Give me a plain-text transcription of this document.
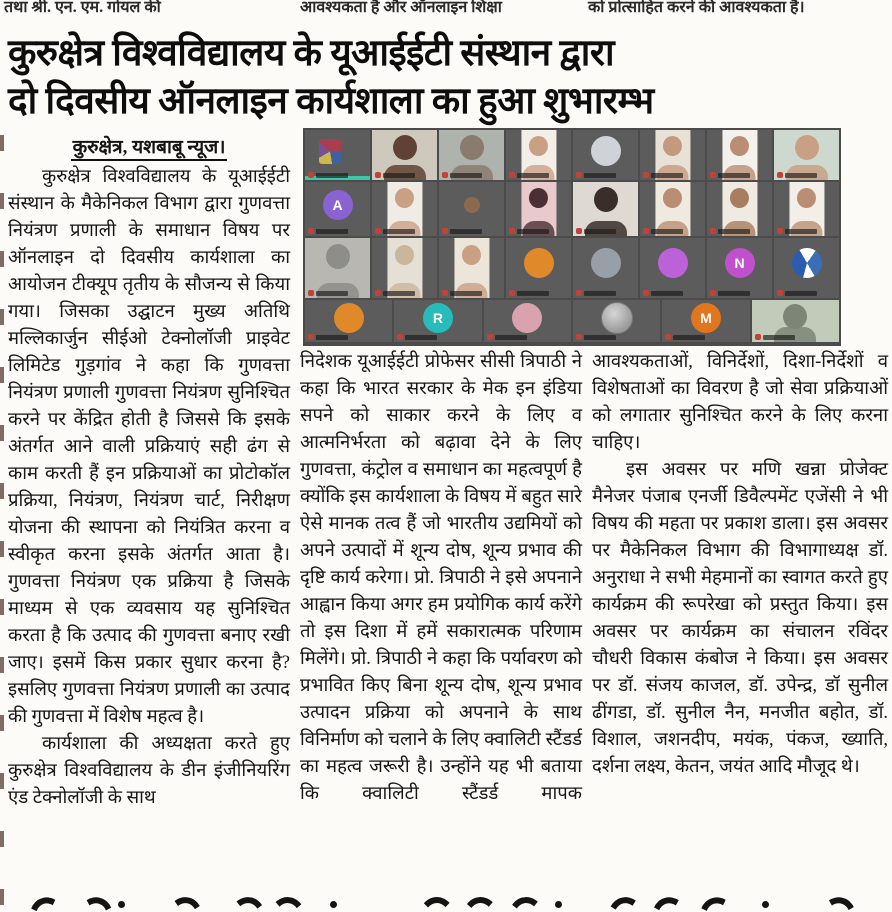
तथा श्री. एन. एम. गोयल की	आवश्यकता है और ऑनलाइन शिक्षा	को प्रोत्साहित करने की आवश्यकता है।
कुरुक्षेत्र विश्वविद्यालय के यूआईईटी संस्थान द्वारा
दो दिवसीय ऑनलाइन कार्यशाला का हुआ शुभारम्भ
A
N
R	M
कुरुक्षेत्र, यशबाबू न्यूज।

कुरुक्षेत्र विश्वविद्यालय के यूआईईटी संस्थान के मैकेनिकल विभाग द्वारा गुणवत्ता नियंत्रण प्रणाली के समाधान विषय पर ऑनलाइन दो दिवसीय कार्यशाला का आयोजन टीक्यूप तृतीय के सौजन्य से किया गया। जिसका उद्घाटन मुख्य अतिथि मल्लिकार्जुन सीईओ टेक्नोलॉजी प्राइवेट लिमिटेड गुड़गांव ने कहा कि गुणवत्ता नियंत्रण प्रणाली गुणवत्ता नियंत्रण सुनिश्चित करने पर केंद्रित होती है जिससे कि इसके अंतर्गत आने वाली प्रक्रियाएं सही ढंग से काम करती हैं इन प्रक्रियाओं का प्रोटोकॉल प्रक्रिया, नियंत्रण, नियंत्रण चार्ट, निरीक्षण योजना की स्थापना को नियंत्रित करना व स्वीकृत करना इसके अंतर्गत आता है। गुणवत्ता नियंत्रण एक प्रक्रिया है जिसके माध्यम से एक व्यवसाय यह सुनिश्चित करता है कि उत्पाद की गुणवत्ता बनाए रखी जाए। इसमें किस प्रकार सुधार करना है? इसलिए गुणवत्ता नियंत्रण प्रणाली का उत्पाद की गुणवत्ता में विशेष महत्व है।

कार्यशाला की अध्यक्षता करते हुए कुरुक्षेत्र विश्वविद्यालय के डीन इंजीनियरिंग एंड टेक्नोलॉजी के साथ

निदेशक यूआईईटी प्रोफेसर सीसी त्रिपाठी ने कहा कि भारत सरकार के मेक इन इंडिया सपने को साकार करने के लिए व आत्मनिर्भरता को बढ़ावा देने के लिए गुणवत्ता, कंट्रोल व समाधान का महत्वपूर्ण है क्योंकि इस कार्यशाला के विषय में बहुत सारे ऐसे मानक तत्व हैं जो भारतीय उद्यमियों को अपने उत्पादों में शून्य दोष, शून्य प्रभाव की दृष्टि कार्य करेगा। प्रो. त्रिपाठी ने इसे अपनाने आह्वान किया अगर हम प्रयोगिक कार्य करेंगे तो इस दिशा में हमें सकारात्मक परिणाम मिलेंगे। प्रो. त्रिपाठी ने कहा कि पर्यावरण को प्रभावित किए बिना शून्य दोष, शून्य प्रभाव उत्पादन प्रक्रिया को अपनाने के साथ विनिर्माण को चलाने के लिए क्वालिटी स्टैंडर्ड का महत्व जरूरी है। उन्होंने यह भी बताया कि क्वालिटी स्टैंडर्ड मापक

आवश्यकताओं, विनिर्देशों, दिशा-निर्देशों व विशेषताओं का विवरण है जो सेवा प्रक्रियाओं को लगातार सुनिश्चित करने के लिए करना चाहिए।

इस अवसर पर मणि खन्ना प्रोजेक्ट मैनेजर पंजाब एनर्जी डिवैल्पमेंट एजेंसी ने भी विषय की महता पर प्रकाश डाला। इस अवसर पर मैकेनिकल विभाग की विभागाध्यक्ष डॉ. अनुराधा ने सभी मेहमानों का स्वागत करते हुए कार्यक्रम की रूपरेखा को प्रस्तुत किया। इस अवसर पर कार्यक्रम का संचालन रविंदर चौधरी विकास कंबोज ने किया। इस अवसर पर डॉ. संजय काजल, डॉ. उपेन्द्र, डॉ सुनील ढींगडा, डॉ. सुनील नैन, मनजीत बहोत, डॉ. विशाल, जशनदीप, मयंक, पंकज, ख्याति, दर्शना लक्ष्य, केतन, जयंत आदि मौजूद थे।
